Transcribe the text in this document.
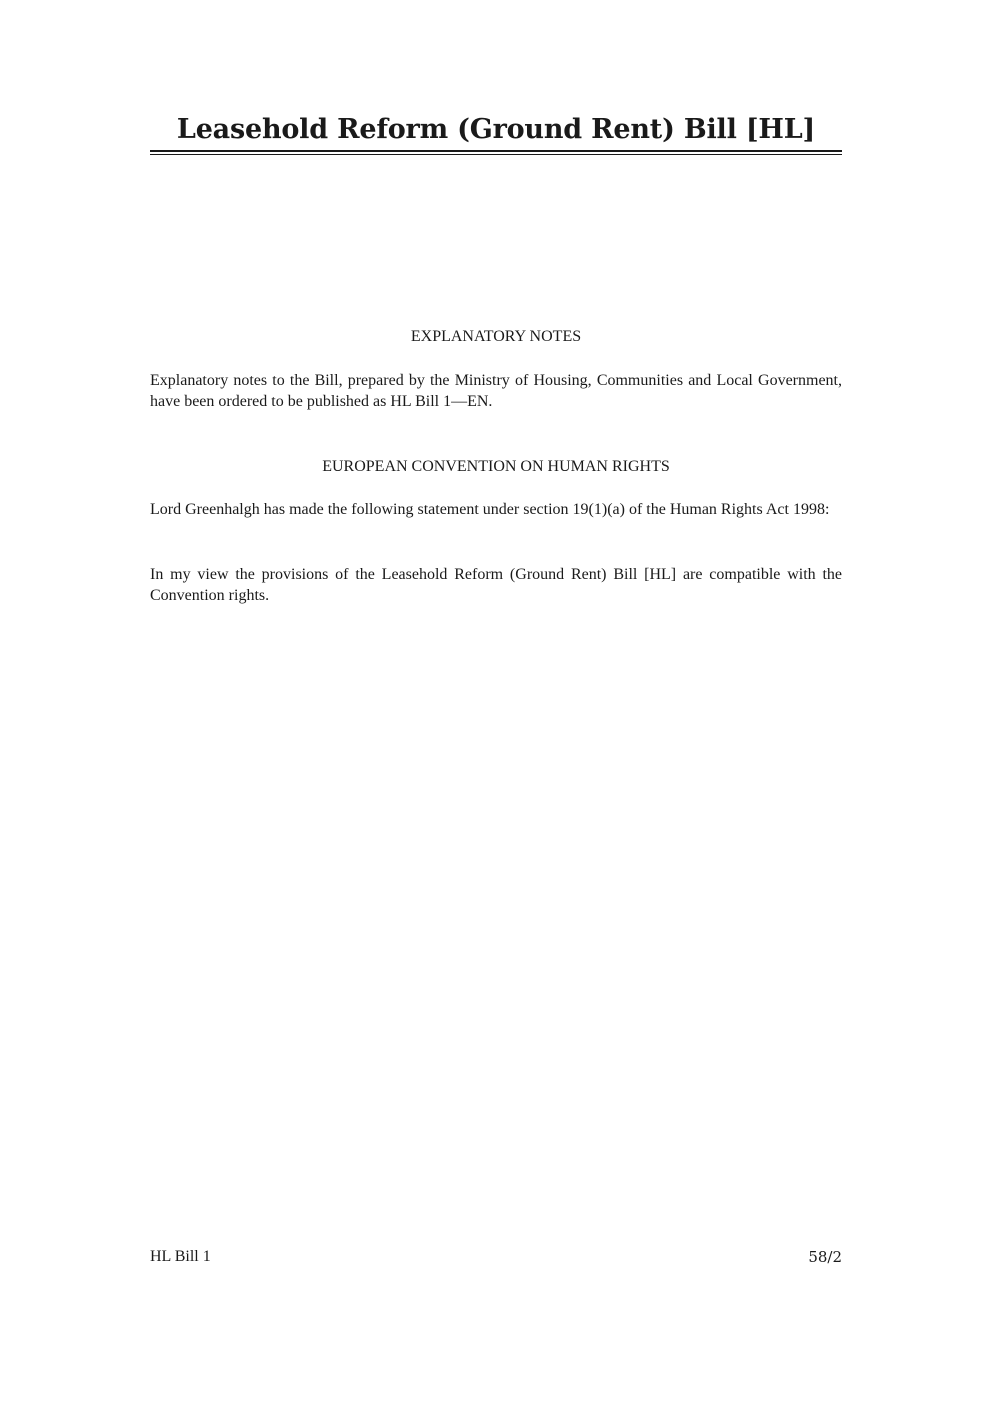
Leasehold Reform (Ground Rent) Bill [HL]
EXPLANATORY NOTES

Explanatory notes to the Bill, prepared by the Ministry of Housing, Communities and Local Government, have been ordered to be published as HL Bill 1—EN.

EUROPEAN CONVENTION ON HUMAN RIGHTS

Lord Greenhalgh has made the following statement under section 19(1)(a) of the Human Rights Act 1998:

In my view the provisions of the Leasehold Reform (Ground Rent) Bill [HL] are compatible with the Convention rights.

HL Bill 1	58/2
